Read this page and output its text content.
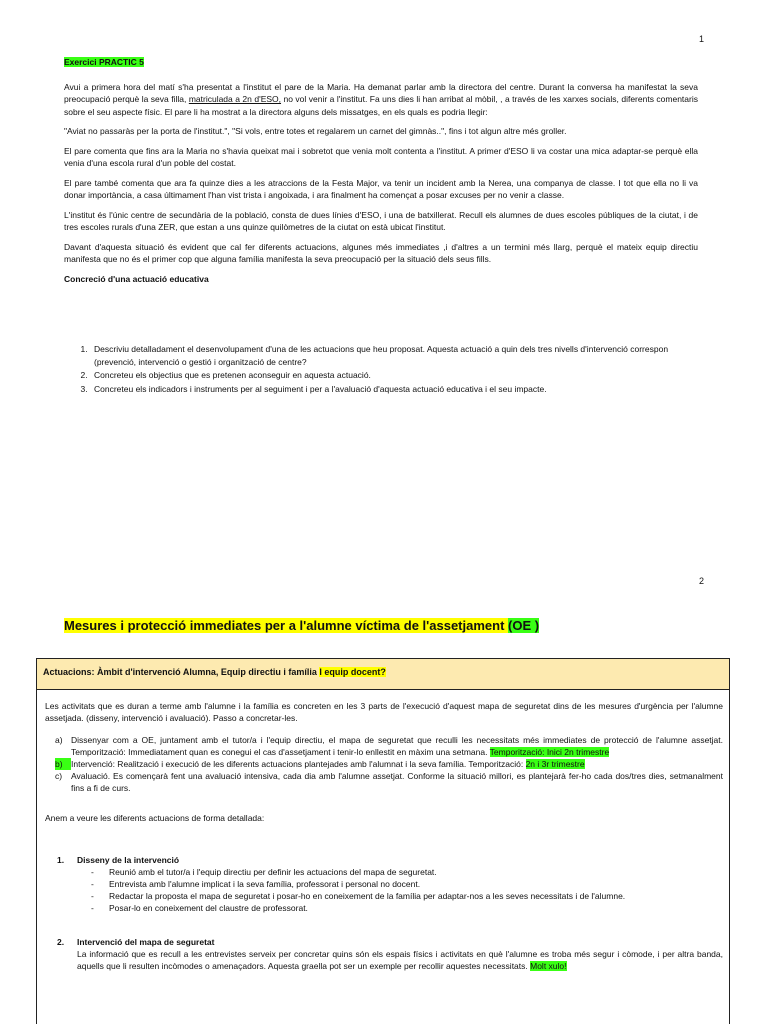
1

Exercici PRACTIC 5

Avui a primera hora del matí s'ha presentat a l'institut el pare de la Maria. Ha demanat parlar amb la directora del centre. Durant la conversa ha manifestat la seva preocupació perquè la seva filla, matriculada a 2n d'ESO, no vol venir a l'institut. Fa uns dies li han arribat al mòbil, , a través de les xarxes socials, diferents comentaris sobre el seu aspecte físic. El pare li ha mostrat a la directora alguns dels missatges, en els quals es podria llegir:

"Aviat no passaràs per la porta de l'institut.", "Si vols, entre totes et regalarem un carnet del gimnàs..", fins i tot algun altre més groller.

El pare comenta que fins ara la Maria no s'havia queixat mai i sobretot que venia molt contenta a l'institut. A primer d'ESO li va costar una mica adaptar-se perquè ella venia d'una escola rural d'un poble del costat.

El pare també comenta que ara fa quinze dies a les atraccions de la Festa Major, va tenir un incident amb la Nerea, una companya de classe. I tot que ella no li va donar importància, a casa últimament l'han vist trista i angoixada, i ara finalment ha començat a posar excuses per no venir a classe.

L'institut és l'únic centre de secundària de la població, consta de dues línies d'ESO, i una de batxillerat. Recull els alumnes de dues escoles públiques de la ciutat, i de tres escoles rurals d'una ZER, que estan a uns quinze quilòmetres de la ciutat on està ubicat l'institut.

Davant d'aquesta situació és evident que cal fer diferents actuacions, algunes més immediates ,i d'altres a un termini més llarg, perquè el mateix equip directiu manifesta que no és el primer cop que alguna família manifesta la seva preocupació per la situació dels seus fills.

Concreció d'una actuació educativa

1. Descriviu detalladament el desenvolupament d'una de les actuacions que heu proposat. Aquesta actuació a quin dels tres nivells d'intervenció correspon (prevenció, intervenció o gestió i organització de centre?
2. Concreteu els objectius que es pretenen aconseguir en aquesta actuació.
3. Concreteu els indicadors i instruments per al seguiment i per a l'avaluació d'aquesta actuació educativa i el seu impacte.
2
Mesures i protecció immediates per a l'alumne víctima de l'assetjament (OE )
Actuacions: Àmbit d'intervenció Alumna, Equip directiu i família I equip docent?

Les activitats que es duran a terme amb l'alumne i la família es concreten en les 3 parts de l'execució d'aquest mapa de seguretat dins de les mesures d'urgència per l'alumne assetjada. (disseny, intervenció i avaluació). Passo a concretar-les.

a) Dissenyar com a OE, juntament amb el tutor/a i l'equip directiu, el mapa de seguretat que reculli les necessitats més immediates de protecció de l'alumne assetjat. Temporització: Immediatament quan es conegui el cas d'assetjament i tenir-lo enllestit en màxim una setmana. Temporització: Inici 2n trimestre
b) Intervenció: Realització i execució de les diferents actuacions plantejades amb l'alumnat i la seva família. Temporització: 2n i 3r trimestre
c)	Avaluació. Es començarà fent una avaluació intensiva, cada dia amb l'alumne assetjat. Conforme la situació millori, es plantejarà fer-ho cada dos/tres dies, setmanalment fins a fi de curs.

Anem a veure les diferents actuacions de forma detallada:

1. Disseny de la intervenció

-	Reunió amb el tutor/a i l'equip directiu per definir les actuacions del mapa de seguretat.
-	Entrevista amb l'alumne implicat i la seva família, professorat i personal no docent.
-	Redactar la proposta el mapa de seguretat i posar-ho en coneixement de la família per adaptar-nos a les seves necessitats i de l'alumne.
-	Posar-lo en coneixement del claustre de professorat.

2. Intervenció del mapa de seguretat

La informació que es recull a les entrevistes serveix per concretar quins són els espais físics i activitats en què l'alumne es troba més segur i còmode, i per altra banda, aquells que li resulten incòmodes o amenaçadors. Aquesta graella pot ser un exemple per recollir aquestes necessitats. Molt xulo!
